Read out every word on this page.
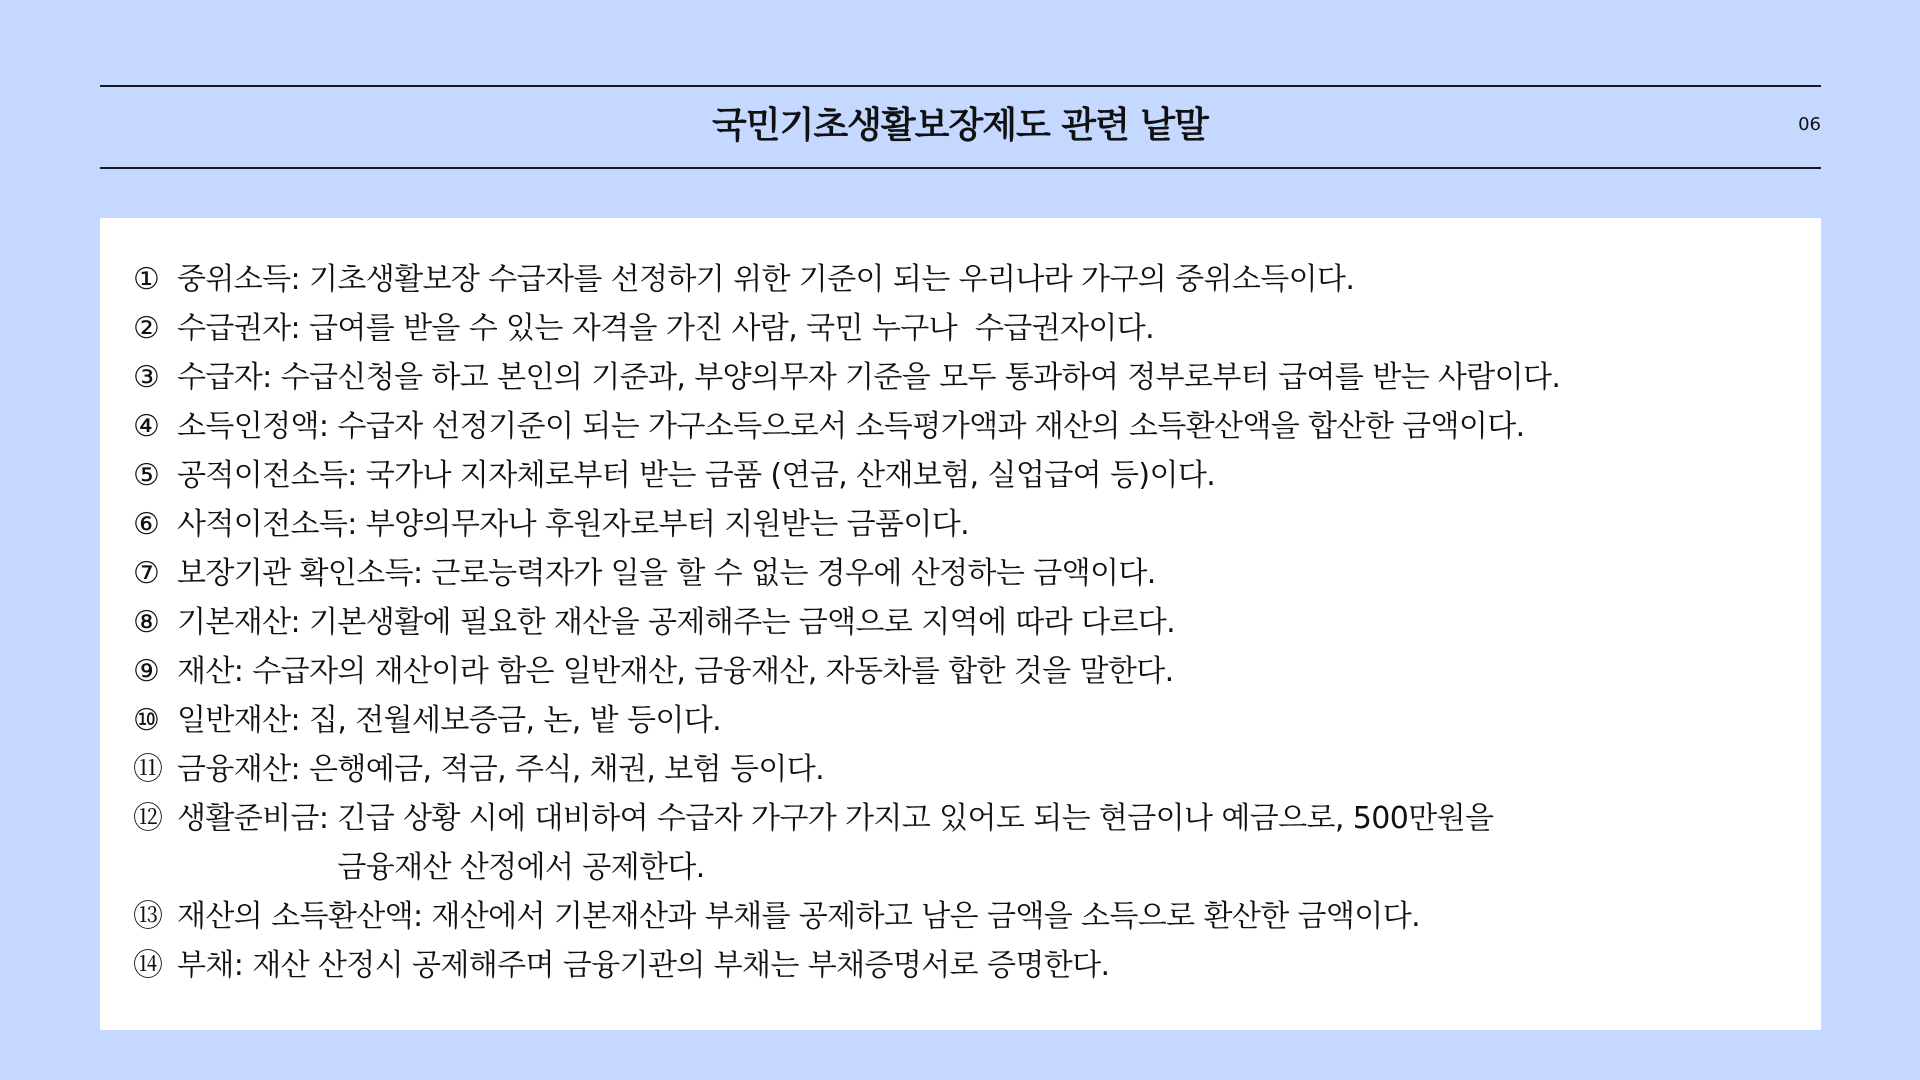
국민기초생활보장제도 관련 낱말	06
① 중위소득: 기초생활보장 수급자를 선정하기 위한 기준이 되는 우리나라 가구의 중위소득이다.
② 수급권자: 급여를 받을 수 있는 자격을 가진 사람, 국민 누구나  수급권자이다.
③ 수급자: 수급신청을 하고 본인의 기준과, 부양의무자 기준을 모두 통과하여 정부로부터 급여를 받는 사람이다.
④ 소득인정액: 수급자 선정기준이 되는 가구소득으로서 소득평가액과 재산의 소득환산액을 합산한 금액이다.
⑤ 공적이전소득: 국가나 지자체로부터 받는 금품 (연금, 산재보험, 실업급여 등)이다.
⑥ 사적이전소득: 부양의무자나 후원자로부터 지원받는 금품이다.
⑦ 보장기관 확인소득: 근로능력자가 일을 할 수 없는 경우에 산정하는 금액이다.
⑧ 기본재산: 기본생활에 필요한 재산을 공제해주는 금액으로 지역에 따라 다르다.
⑨ 재산: 수급자의 재산이라 함은 일반재산, 금융재산, 자동차를 합한 것을 말한다.
⑩ 일반재산: 집, 전월세보증금, 논, 밭 등이다.
⑪ 금융재산: 은행예금, 적금, 주식, 채권, 보험 등이다.
⑫ 생활준비금: 긴급 상황 시에 대비하여 수급자 가구가 가지고 있어도 되는 현금이나 예금으로, 500만원을
금융재산 산정에서 공제한다.
⑬ 재산의 소득환산액: 재산에서 기본재산과 부채를 공제하고 남은 금액을 소득으로 환산한 금액이다.
⑭ 부채: 재산 산정시 공제해주며 금융기관의 부채는 부채증명서로 증명한다.
